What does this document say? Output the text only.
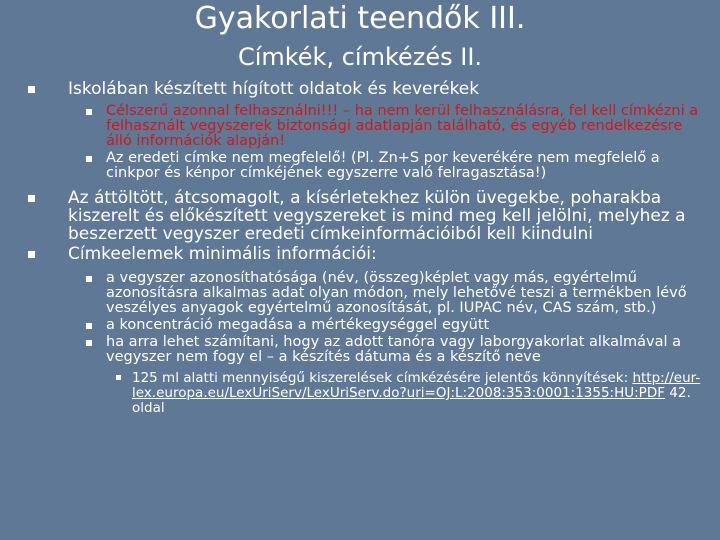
Gyakorlati teendők III.
Címkék, címkézés II.
Iskolában készített hígított oldatok és keverékek
Célszerű azonnal felhasználni!!! – ha nem kerül felhasználásra, fel kell címkézni a felhasznált vegyszerek biztonsági adatlapján található, és egyéb rendelkezésre álló információk alapján!
Az eredeti címke nem megfelelő! (Pl. Zn+S por keverékére nem megfelelő a cinkpor és kénpor címkéjének egyszerre való felragasztása!)
Az áttöltött, átcsomagolt, a kísérletekhez külön üvegekbe, poharakba kiszerelt és előkészített vegyszereket is mind meg kell jelölni, melyhez a beszerzett vegyszer eredeti címkeinformációiból kell kiindulni
Címkeelemek minimális információi:
a vegyszer azonosíthatósága (név, (összeg)képlet vagy más, egyértelmű azonosításra alkalmas adat olyan módon, mely lehetővé teszi a termékben lévő veszélyes anyagok egyértelmű azonosítását, pl. IUPAC név, CAS szám, stb.)
a koncentráció megadása a mértékegységgel együtt
ha arra lehet számítani, hogy az adott tanóra vagy laborgyakorlat alkalmával a vegyszer nem fogy el – a készítés dátuma és a készítő neve
125 ml alatti mennyiségű kiszerelések címkézésére jelentős könnyítések: http://eur-lex.europa.eu/LexUriServ/LexUriServ.do?uri=OJ:L:2008:353:0001:1355:HU:PDF 42. oldal
